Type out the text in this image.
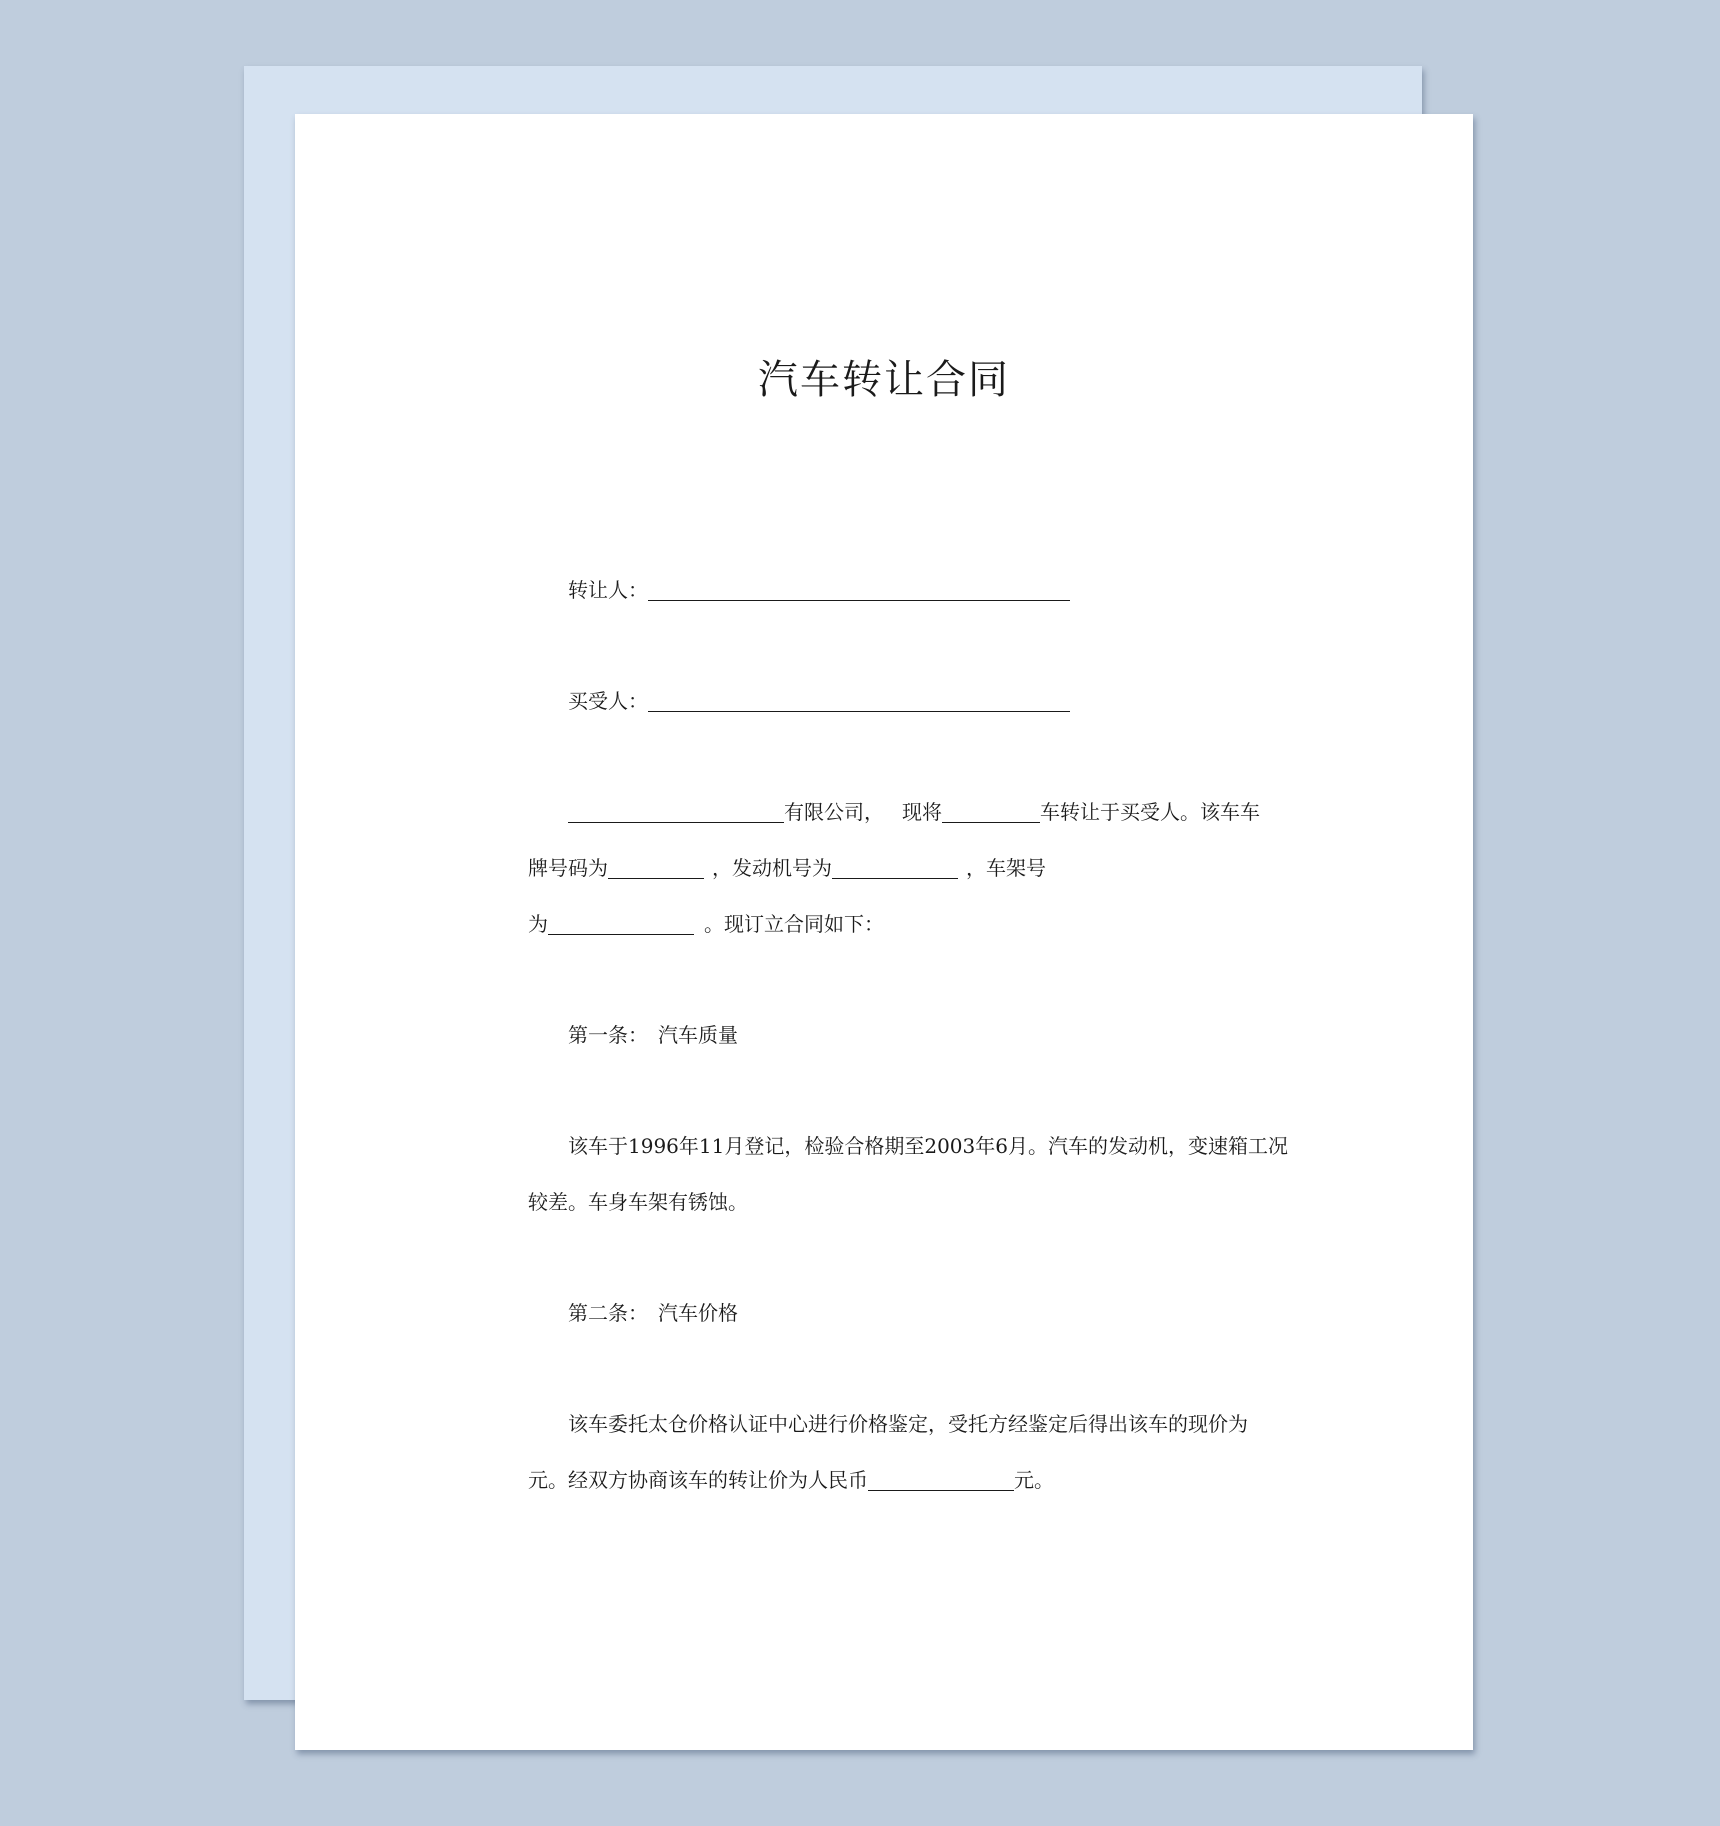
汽车转让合同

转让人：

买受人：

有限公司， 现将	车转让于买受人。该车车

牌号码为	，发动机号为	，车架号

为	。现订立合同如下：

第一条： 汽车质量

该车于1996年11月登记，检验合格期至2003年6月。汽车的发动机，变速箱工况

较差。车身车架有锈蚀。

第二条： 汽车价格

该车委托太仓价格认证中心进行价格鉴定，受托方经鉴定后得出该车的现价为

元。经双方协商该车的转让价为人民币	元。
